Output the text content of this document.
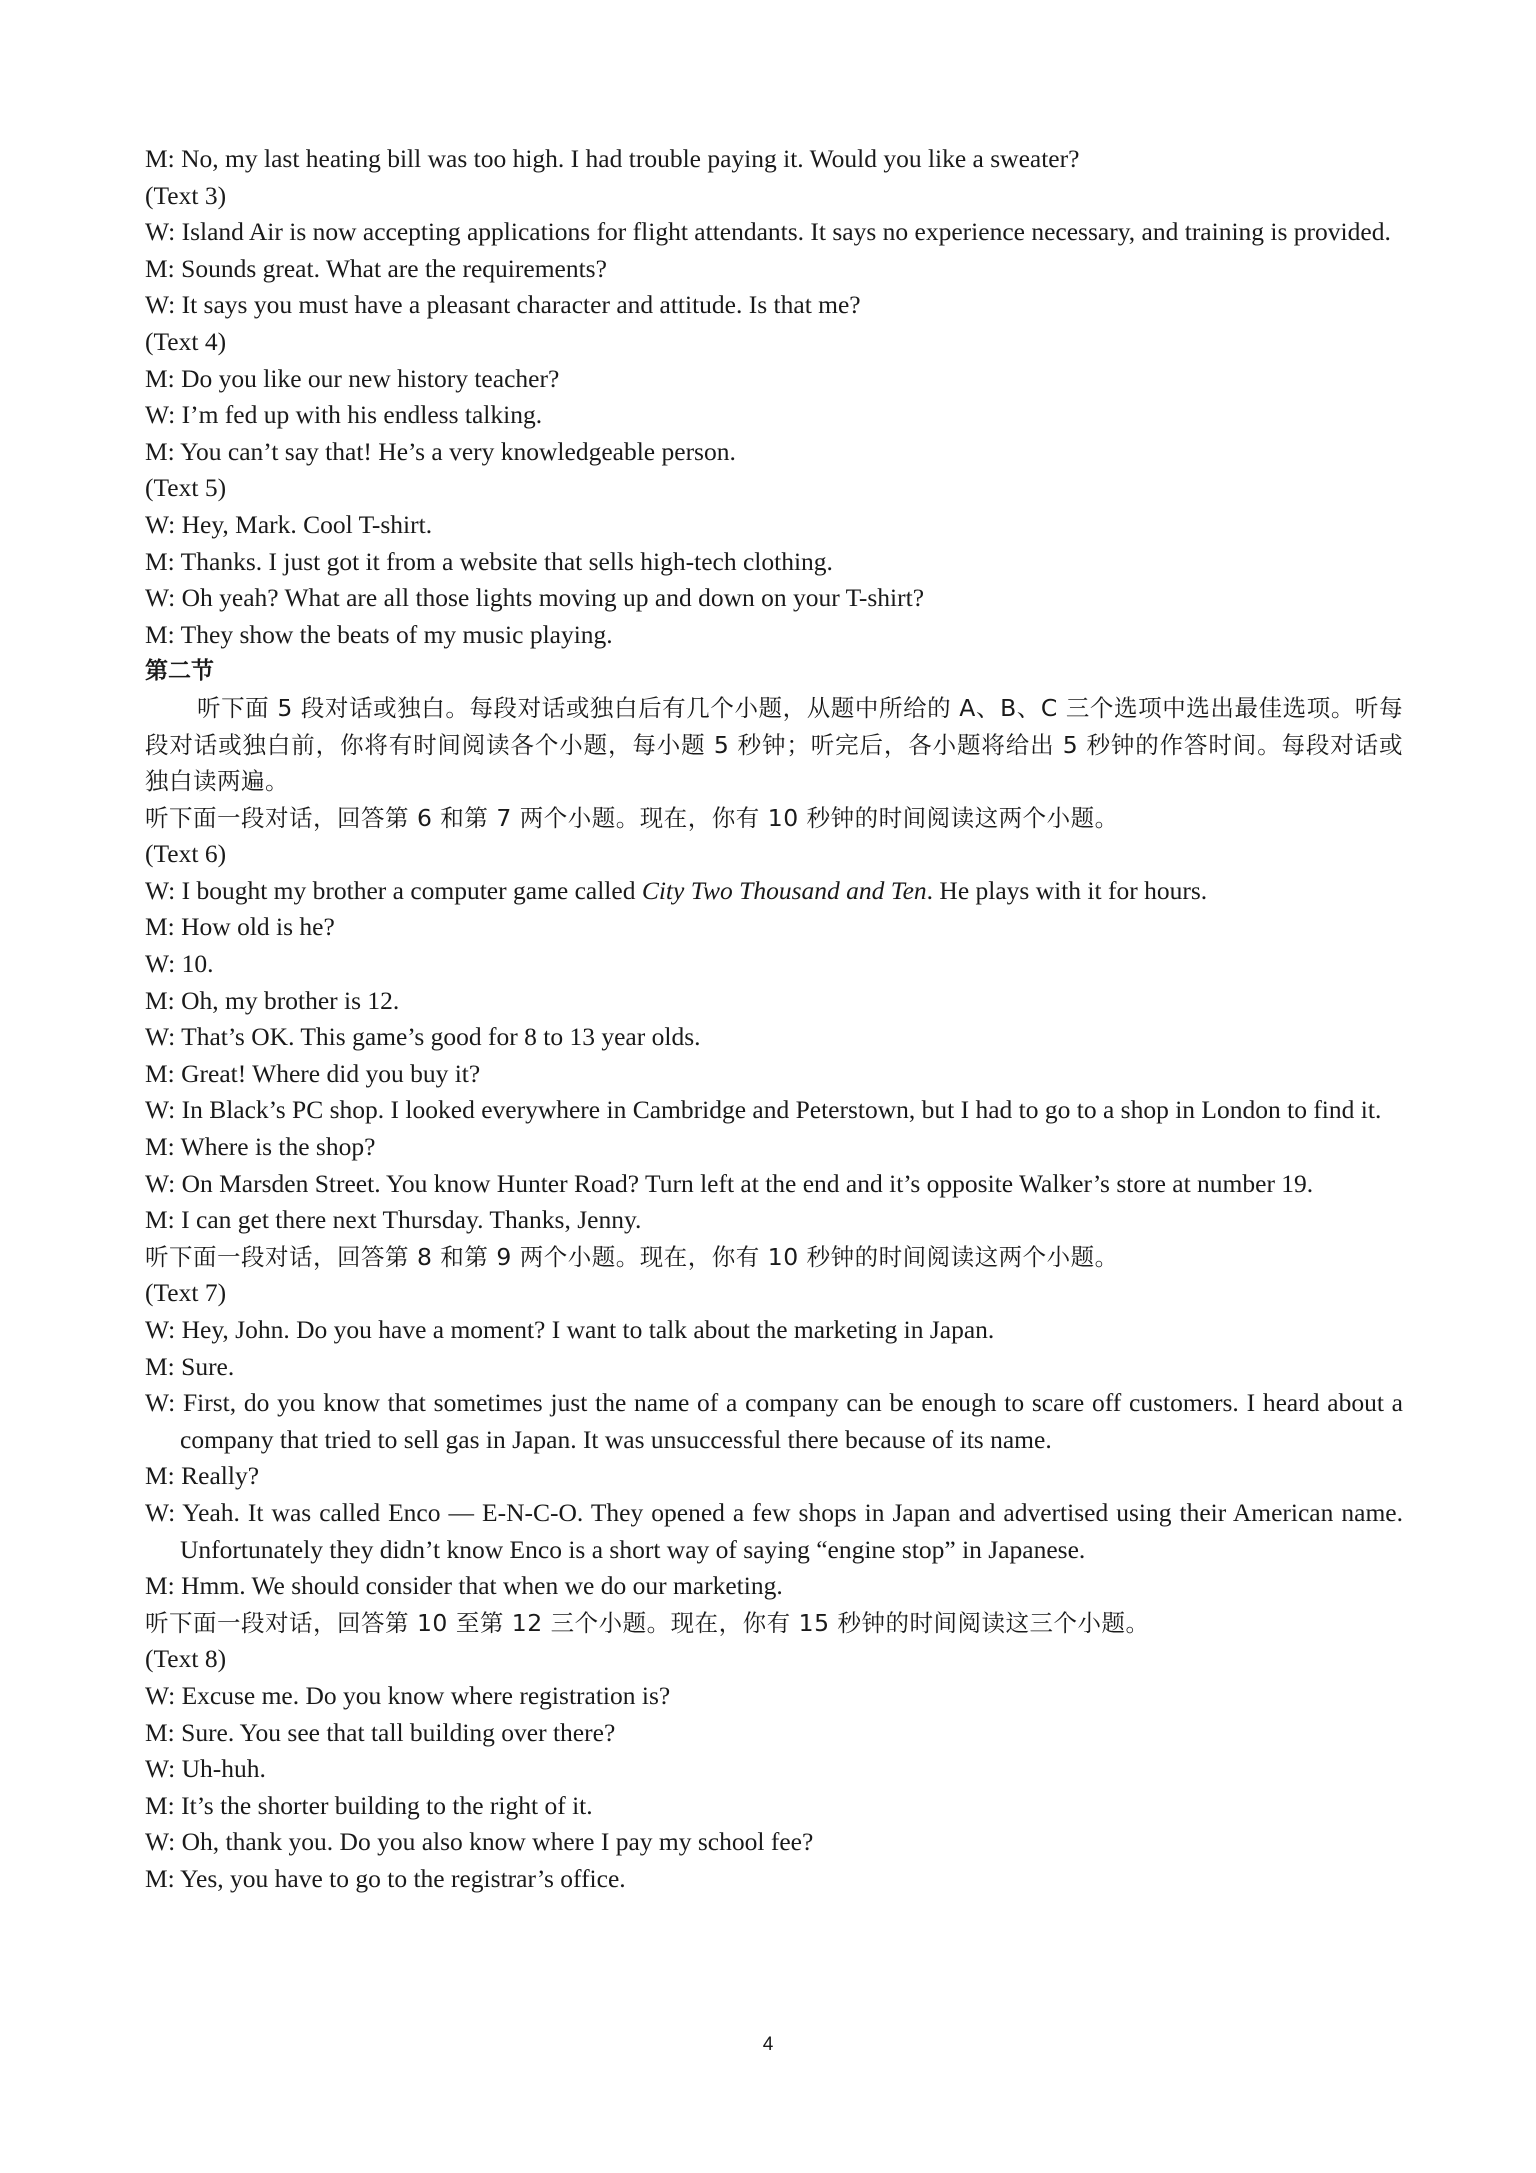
M: No, my last heating bill was too high. I had trouble paying it. Would you like a sweater?
(Text 3)
W: Island Air is now accepting applications for flight attendants. It says no experience necessary, and training is provided.
M: Sounds great. What are the requirements?
W: It says you must have a pleasant character and attitude. Is that me?
(Text 4)
M: Do you like our new history teacher?
W: I’m fed up with his endless talking.
M: You can’t say that! He’s a very knowledgeable person.
(Text 5)
W: Hey, Mark. Cool T-shirt.
M: Thanks. I just got it from a website that sells high-tech clothing.
W: Oh yeah? What are all those lights moving up and down on your T-shirt?
M: They show the beats of my music playing.
第二节
听下面 5 段对话或独白。每段对话或独白后有几个小题，从题中所给的 A、B、C 三个选项中选出最佳选项。听每段对话或独白前，你将有时间阅读各个小题，每小题 5 秒钟；听完后，各小题将给出 5 秒钟的作答时间。每段对话或独白读两遍。
听下面一段对话，回答第 6 和第 7 两个小题。现在，你有 10 秒钟的时间阅读这两个小题。
(Text 6)
W: I bought my brother a computer game called City Two Thousand and Ten. He plays with it for hours.
M: How old is he?
W: 10.
M: Oh, my brother is 12.
W: That’s OK. This game’s good for 8 to 13 year olds.
M: Great! Where did you buy it?
W: In Black’s PC shop. I looked everywhere in Cambridge and Peterstown, but I had to go to a shop in London to find it.
M: Where is the shop?
W: On Marsden Street. You know Hunter Road? Turn left at the end and it’s opposite Walker’s store at number 19.
M: I can get there next Thursday. Thanks, Jenny.
听下面一段对话，回答第 8 和第 9 两个小题。现在，你有 10 秒钟的时间阅读这两个小题。
(Text 7)
W: Hey, John. Do you have a moment? I want to talk about the marketing in Japan.
M: Sure.
W: First, do you know that sometimes just the name of a company can be enough to scare off customers. I heard about a company that tried to sell gas in Japan. It was unsuccessful there because of its name.
M: Really?
W: Yeah. It was called Enco — E-N-C-O. They opened a few shops in Japan and advertised using their American name. Unfortunately they didn’t know Enco is a short way of saying “engine stop” in Japanese.
M: Hmm. We should consider that when we do our marketing.
听下面一段对话，回答第 10 至第 12 三个小题。现在，你有 15 秒钟的时间阅读这三个小题。
(Text 8)
W: Excuse me. Do you know where registration is?
M: Sure. You see that tall building over there?
W: Uh-huh.
M: It’s the shorter building to the right of it.
W: Oh, thank you. Do you also know where I pay my school fee?
M: Yes, you have to go to the registrar’s office.
4
